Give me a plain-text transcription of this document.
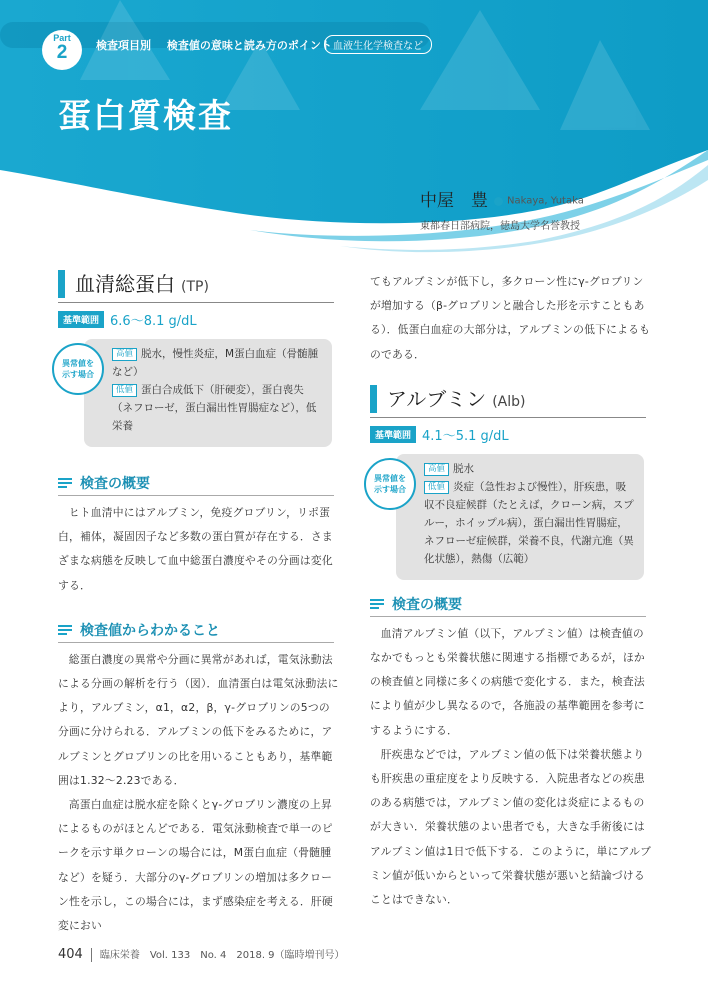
Part
2	検査項目別 検査値の意味と読み方のポイント 血液生化学検査など
蛋白質検査
中屋　豊 Nakaya, Yutaka
東都春日部病院，徳島大学名誉教授
血清総蛋白 (TP)
基準範囲 6.6～8.1 g/dL
異常値を
示す場合
高値 脱水，慢性炎症，M蛋白血症（骨髄腫など）
低値 蛋白合成低下（肝硬変），蛋白喪失（ネフローゼ，蛋白漏出性胃腸症など），低栄養
検査の概要

ヒト血清中にはアルブミン，免疫グロブリン，リポ蛋白，補体，凝固因子など多数の蛋白質が存在する．さまざまな病態を反映して血中総蛋白濃度やその分画は変化する．

検査値からわかること

総蛋白濃度の異常や分画に異常があれば，電気泳動法による分画の解析を行う（図）．血清蛋白は電気泳動法により，アルブミン，α1，α2，β，γ-グロブリンの5つの分画に分けられる．アルブミンの低下をみるために，アルブミンとグロブリンの比を用いることもあり，基準範囲は1.32～2.23である．

高蛋白血症は脱水症を除くとγ-グロブリン濃度の上昇によるものがほとんどである．電気泳動検査で単一のピークを示す単クローンの場合には，M蛋白血症（骨髄腫など）を疑う．大部分のγ-グロブリンの増加は多クローン性を示し，この場合には，まず感染症を考える．肝硬変におい

てもアルブミンが低下し，多クローン性にγ-グロブリンが増加する（β-グロブリンと融合した形を示すこともある）．低蛋白血症の大部分は，アルブミンの低下によるものである．

アルブミン (Alb)
基準範囲 4.1～5.1 g/dL
異常値を
示す場合
高値 脱水
低値 炎症（急性および慢性），肝疾患，吸収不良症候群（たとえば，クローン病，スプルー，ホイップル病），蛋白漏出性胃腸症，ネフローゼ症候群，栄養不良，代謝亢進（異化状態），熱傷（広範）
検査の概要

血清アルブミン値（以下，アルブミン値）は検査値のなかでもっとも栄養状態に関連する指標であるが，ほかの検査値と同様に多くの病態で変化する．また，検査法により値が少し異なるので，各施設の基準範囲を参考にするようにする．

肝疾患などでは，アルブミン値の低下は栄養状態よりも肝疾患の重症度をより反映する．入院患者などの疾患のある病態では，アルブミン値の変化は炎症によるものが大きい．栄養状態のよい患者でも，大きな手術後にはアルブミン値は1日で低下する．このように，単にアルブミン値が低いからといって栄養状態が悪いと結論づけることはできない．

404 臨床栄養　Vol. 133　No. 4　2018. 9（臨時増刊号）
